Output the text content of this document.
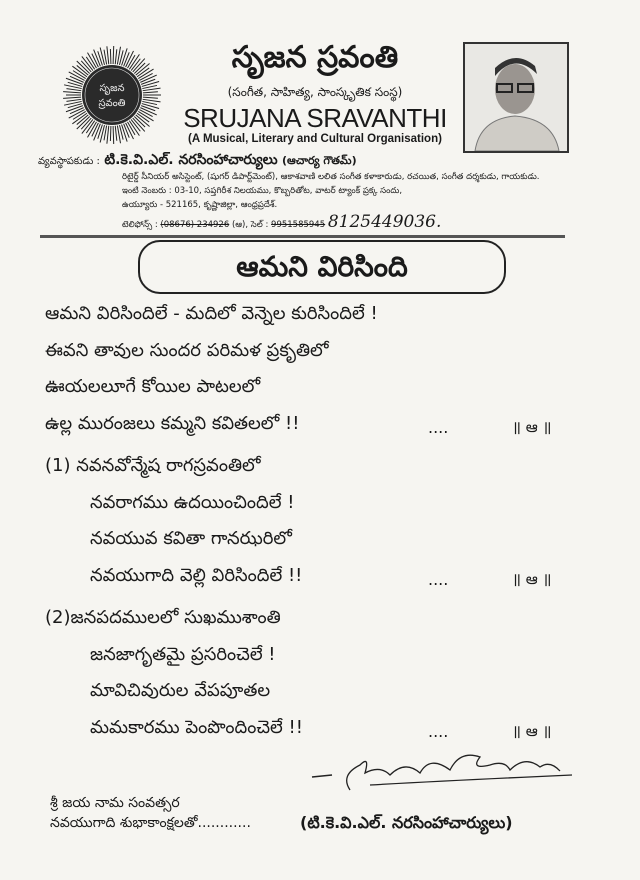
సృజన
స్రవంతి
సృజన స్రవంతి
(సంగీత, సాహిత్య, సాంస్కృతిక సంస్థ)
SRUJANA SRAVANTHI
(A Musical, Literary and Cultural Organisation)
వ్యవస్థాపకుడు : టి.కె.వి.ఎల్. నరసింహాచార్యులు (ఆచార్య గౌతమ్)
రిటైర్డ్ సీనియర్ అసిస్టెంట్, (షుగర్ డిపార్ట్‌మెంట్), ఆకాశవాణి లలిత సంగీత కళాకారుడు, రచయిత, సంగీత దర్శకుడు, గాయకుడు.
ఇంటి నెంబరు : 03-10, సప్తగిరీశ నిలయము, కొబ్బరితోట, వాటర్ ట్యాంక్ ప్రక్క సందు,
ఉయ్యూరు - 521165, కృష్ణాజిల్లా, ఆంధ్రప్రదేశ్.
టెలిఫోన్స్ : (08676) 234926 (ఆ), సెల్ : 9951585945 8125449036.
ఆమని విరిసింది
ఆమని విరిసిందిలే - మదిలో వెన్నెల కురిసిందిలే !
ఈవని తావుల సుందర పరిమళ ప్రకృతిలో
ఊయలలూగే కోయిల పాటలలో
ఉల్ల మురంజలు కమ్మని కవితలలో !!	....	॥ ఆ ॥
(1) నవనవోన్మేష రాగస్రవంతిలో
నవరాగము ఉదయించిందిలే !
నవయువ కవితా గానఝరిలో
నవయుగాది వెల్లి విరిసిందిలే !!	....	॥ ఆ ॥
(2)జనపదములలో సుఖముశాంతి
జనజాగృతమై ప్రసరించెలే !
మావిచివురుల వేపపూతల
మమకారము పెంపొందించెలే !!	....	॥ ఆ ॥
శ్రీ జయ నామ సంవత్సర
నవయుగాది శుభాకాంక్షలతో............	(టి.కె.వి.ఎల్. నరసింహాచార్యులు)
